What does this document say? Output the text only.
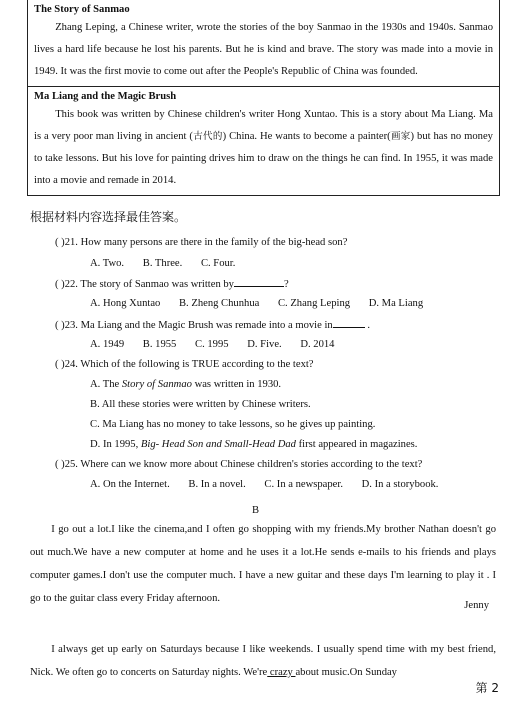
The Story of Sanmao
Zhang Leping, a Chinese writer, wrote the stories of the boy Sanmao in the 1930s and 1940s. Sanmao lives a hard life because he lost his parents. But he is kind and brave. The story was made into a movie in 1949. It was the first movie to come out after the People's Republic of China was founded.
Ma Liang and the Magic Brush
This book was written by Chinese children's writer Hong Xuntao. This is a story about Ma Liang. Ma is a very poor man living in ancient (古代的) China. He wants to become a painter(画家) but has no money to take lessons. But his love for painting drives him to draw on the things he can find. In 1955, it was made into a movie and remade in 2014.
根据材料内容选择最佳答案。
( )21. How many persons are there in the family of the big-head son?
A. Two. B. Three. C. Four.
( )22. The story of Sanmao was written by	?
A. Hong Xuntao B. Zheng Chunhua C. Zhang Leping D. Ma Liang
( )23. Ma Liang and the Magic Brush was remade into a movie in	.
A. 1949 B. 1955 C. 1995 D. Five. D. 2014
( )24. Which of the following is TRUE according to the text?
A. The Story of Sanmao was written in 1930.
B. All these stories were written by Chinese writers.
C. Ma Liang has no money to take lessons, so he gives up painting.
D. In 1995, Big- Head Son and Small-Head Dad first appeared in magazines.
( )25. Where can we know more about Chinese children's stories according to the text?
A. On the Internet. B. In a novel. C. In a newspaper. D. In a storybook.
B
I go out a lot.I like the cinema,and I often go shopping with my friends.My brother Nathan doesn't go out much.We have a new computer at home and he uses it a lot.He sends e-mails to his friends and plays computer games.I don't use the computer much. I have a new guitar and these days I'm learning to play it . I go to the guitar class every Friday afternoon.
Jenny
I always get up early on Saturdays because I like weekends. I usually spend time with my best friend, Nick. We often go to concerts on Saturday nights. We're crazy about music.On Sunday
第 2
